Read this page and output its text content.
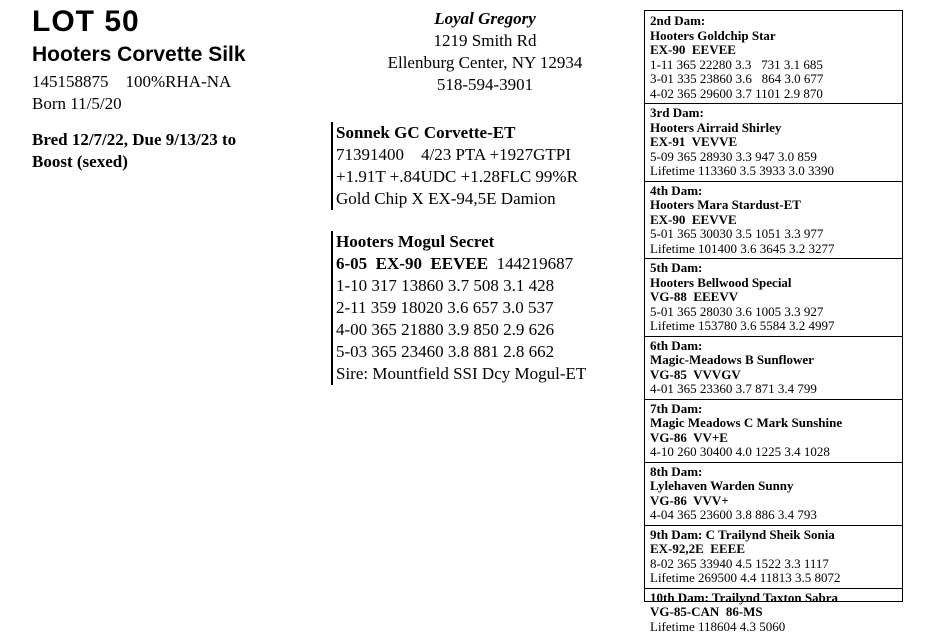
LOT 50
Hooters Corvette Silk
145158875    100%RHA-NA
Born 11/5/20
Bred 12/7/22, Due 9/13/23 to
Boost (sexed)
Loyal Gregory
1219 Smith Rd
Ellenburg Center, NY 12934
518-594-3901
Sonnek GC Corvette-ET
71391400    4/23 PTA +1927GTPI
+1.91T +.84UDC +1.28FLC 99%R
Gold Chip X EX-94,5E Damion
Hooters Mogul Secret
6-05  EX-90  EEVEE  144219687
1-10 317 13860 3.7 508 3.1 428
2-11 359 18020 3.6 657 3.0 537
4-00 365 21880 3.9 850 2.9 626
5-03 365 23460 3.8 881 2.8 662
Sire: Mountfield SSI Dcy Mogul-ET
2nd Dam:
Hooters Goldchip Star
EX-90  EEVEE
1-11 365 22280 3.3   731 3.1 685
3-01 335 23860 3.6   864 3.0 677
4-02 365 29600 3.7 1101 2.9 870
3rd Dam:
Hooters Airraid Shirley
EX-91  VEVVE
5-09 365 28930 3.3 947 3.0 859
Lifetime 113360 3.5 3933 3.0 3390
4th Dam:
Hooters Mara Stardust-ET
EX-90  EEVVE
5-01 365 30030 3.5 1051 3.3 977
Lifetime 101400 3.6 3645 3.2 3277
5th Dam:
Hooters Bellwood Special
VG-88  EEEVV
5-01 365 28030 3.6 1005 3.3 927
Lifetime 153780 3.6 5584 3.2 4997
6th Dam:
Magic-Meadows B Sunflower
VG-85  VVVGV
4-01 365 23360 3.7 871 3.4 799
7th Dam:
Magic Meadows C Mark Sunshine
VG-86  VV+E
4-10 260 30400 4.0 1225 3.4 1028
8th Dam:
Lylehaven Warden Sunny
VG-86  VVV+
4-04 365 23600 3.8 886 3.4 793
9th Dam: C Trailynd Sheik Sonia
EX-92,2E  EEEE
8-02 365 33940 4.5 1522 3.3 1117
Lifetime 269500 4.4 11813 3.5 8072
10th Dam: Trailynd Taxton Sabra
VG-85-CAN  86-MS
Lifetime 118604 4.3 5060
